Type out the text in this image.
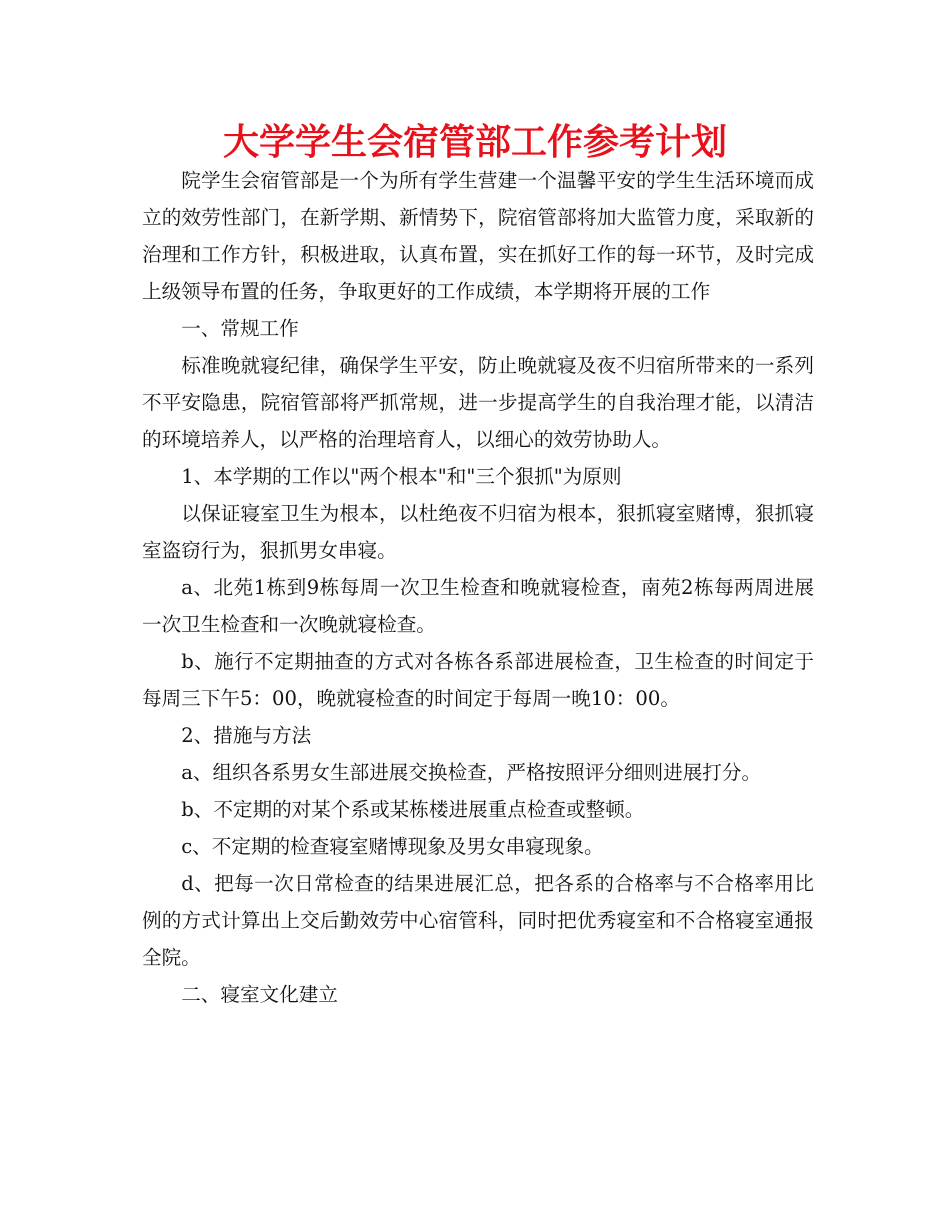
大学学生会宿管部工作参考计划

院学生会宿管部是一个为所有学生营建一个温馨平安的学生生活环境而成立的效劳性部门，在新学期、新情势下，院宿管部将加大监管力度，采取新的治理和工作方针，积极进取，认真布置，实在抓好工作的每一环节，及时完成上级领导布置的任务，争取更好的工作成绩，本学期将开展的工作

一、常规工作

标准晚就寝纪律，确保学生平安，防止晚就寝及夜不归宿所带来的一系列不平安隐患，院宿管部将严抓常规，进一步提高学生的自我治理才能，以清洁的环境培养人，以严格的治理培育人，以细心的效劳协助人。

1、本学期的工作以"两个根本"和"三个狠抓"为原则

以保证寝室卫生为根本，以杜绝夜不归宿为根本，狠抓寝室赌博，狠抓寝室盗窃行为，狠抓男女串寝。

a、北苑1栋到9栋每周一次卫生检查和晚就寝检查，南苑2栋每两周进展一次卫生检查和一次晚就寝检查。

b、施行不定期抽查的方式对各栋各系部进展检查，卫生检查的时间定于每周三下午5：00，晚就寝检查的时间定于每周一晚10：00。

2、措施与方法

a、组织各系男女生部进展交换检查，严格按照评分细则进展打分。

b、不定期的对某个系或某栋楼进展重点检查或整顿。

c、不定期的检查寝室赌博现象及男女串寝现象。

d、把每一次日常检查的结果进展汇总，把各系的合格率与不合格率用比例的方式计算出上交后勤效劳中心宿管科，同时把优秀寝室和不合格寝室通报全院。

二、寝室文化建立
